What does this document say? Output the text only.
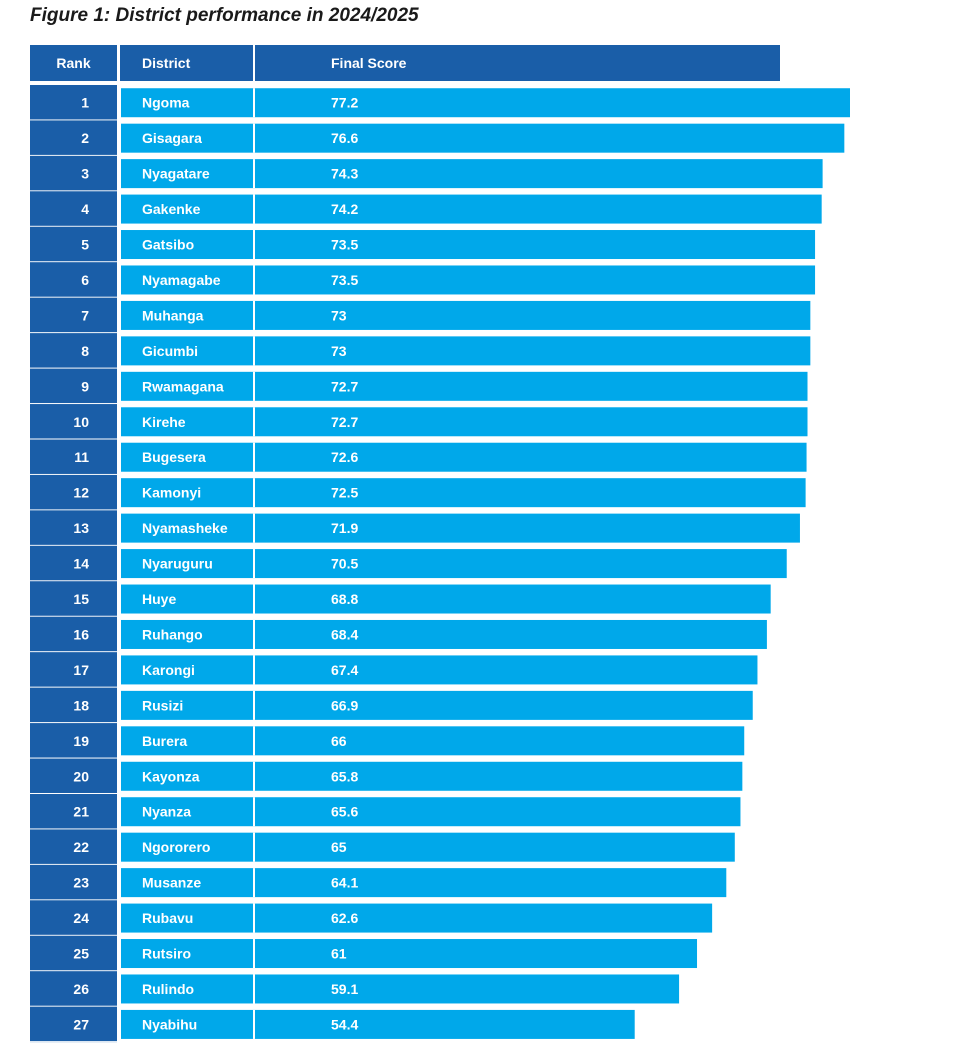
Figure 1: District performance in 2024/2025
Rank	District	Final Score
1	Ngoma	77.2
2	Gisagara	76.6
3	Nyagatare	74.3
4	Gakenke	74.2
5	Gatsibo	73.5
6	Nyamagabe	73.5
7	Muhanga	73
8	Gicumbi	73
9	Rwamagana	72.7
10	Kirehe	72.7
11	Bugesera	72.6
12	Kamonyi	72.5
13	Nyamasheke	71.9
14	Nyaruguru	70.5
15	Huye	68.8
16	Ruhango	68.4
17	Karongi	67.4
18	Rusizi	66.9
19	Burera	66
20	Kayonza	65.8
21	Nyanza	65.6
22	Ngororero	65
23	Musanze	64.1
24	Rubavu	62.6
25	Rutsiro	61
26	Rulindo	59.1
27	Nyabihu	54.4
